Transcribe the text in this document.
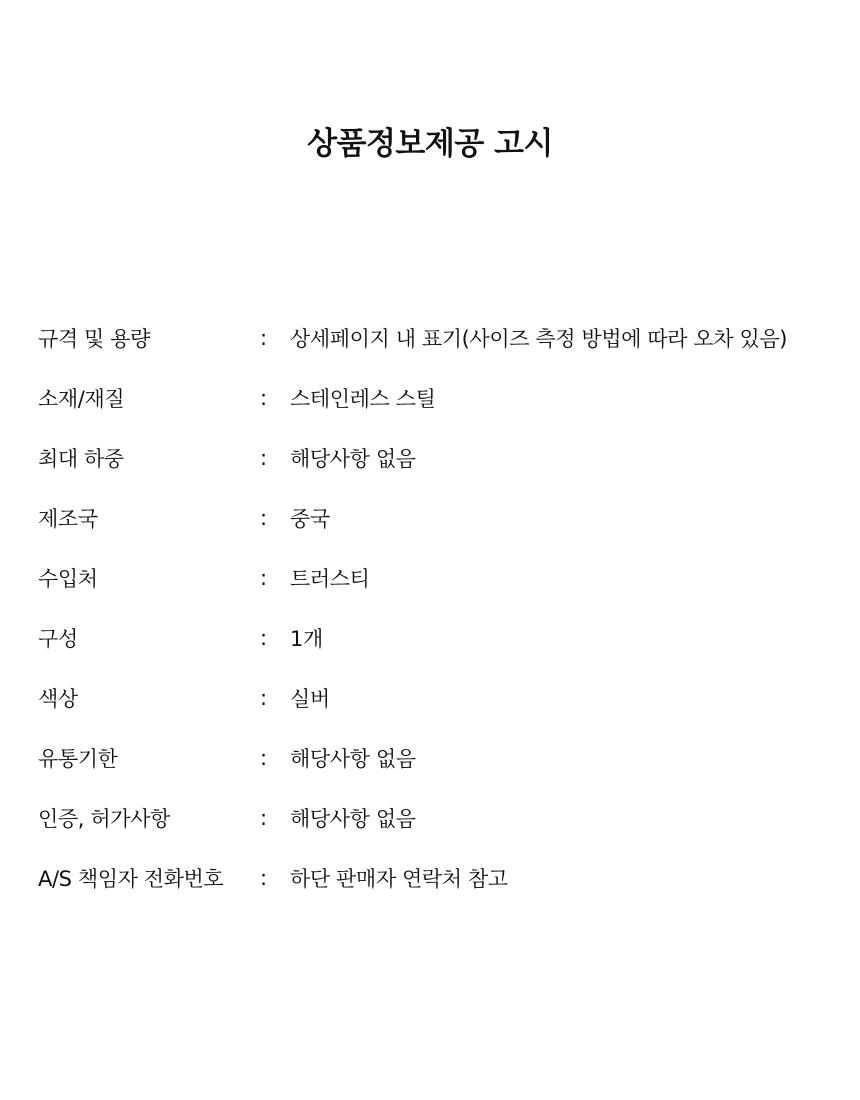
상품정보제공 고시
규격 및 용량	:	상세페이지 내 표기(사이즈 측정 방법에 따라 오차 있음)
소재/재질	:	스테인레스 스틸
최대 하중	:	해당사항 없음
제조국	:	중국
수입처	:	트러스티
구성	:	1개
색상	:	실버
유통기한	:	해당사항 없음
인증, 허가사항	:	해당사항 없음
A/S 책임자 전화번호	:	하단 판매자 연락처 참고
